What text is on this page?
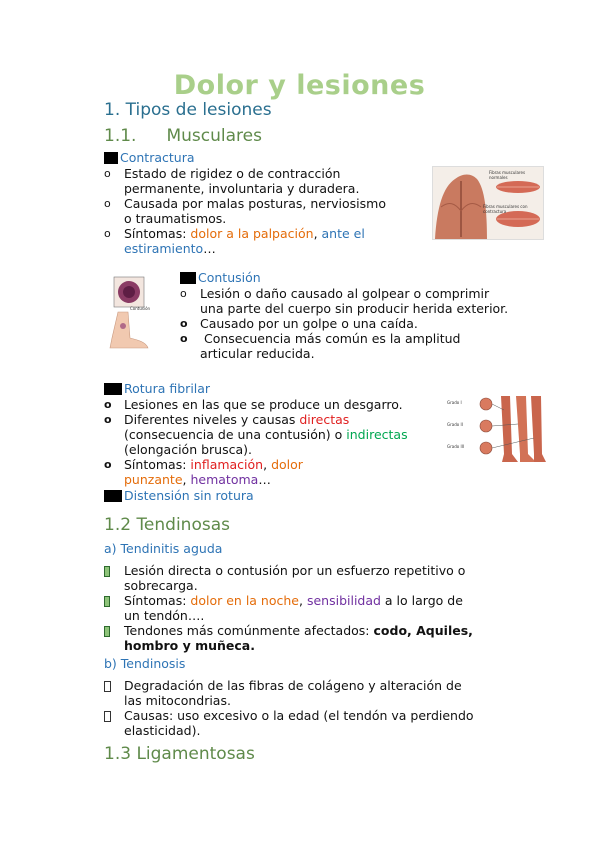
Dolor y lesiones
1. Tipos de lesiones
1.1. Musculares
Contractura
o Estado de rigidez o de contracción permanente, involuntaria y duradera.
o Causada por malas posturas, nerviosismo o traumatismos.
o Síntomas: dolor a la palpación, ante el estiramiento…
Fibras musculares normales
Fibras musculares con contractura
Contusión
Contusión
o Lesión o daño causado al golpear o comprimir una parte del cuerpo sin producir herida exterior.
o Causado por un golpe o una caída.
o Consecuencia más común es la amplitud articular reducida.
Rotura fibrilar
o Lesiones en las que se produce un desgarro.
o Diferentes niveles y causas directas (consecuencia de una contusión) o indirectas (elongación brusca).
o Síntomas: inflamación, dolor punzante, hematoma…
Grado I
Grado II
Grado III
Distensión sin rotura
1.2 Tendinosas
a) Tendinitis aguda
Lesión directa o contusión por un esfuerzo repetitivo o sobrecarga.
Síntomas: dolor en la noche, sensibilidad a lo largo de un tendón….
Tendones más comúnmente afectados: codo, Aquiles, hombro y muñeca.
b) Tendinosis
Degradación de las fibras de colágeno y alteración de las mitocondrias.
Causas: uso excesivo o la edad (el tendón va perdiendo elasticidad).
1.3 Ligamentosas
